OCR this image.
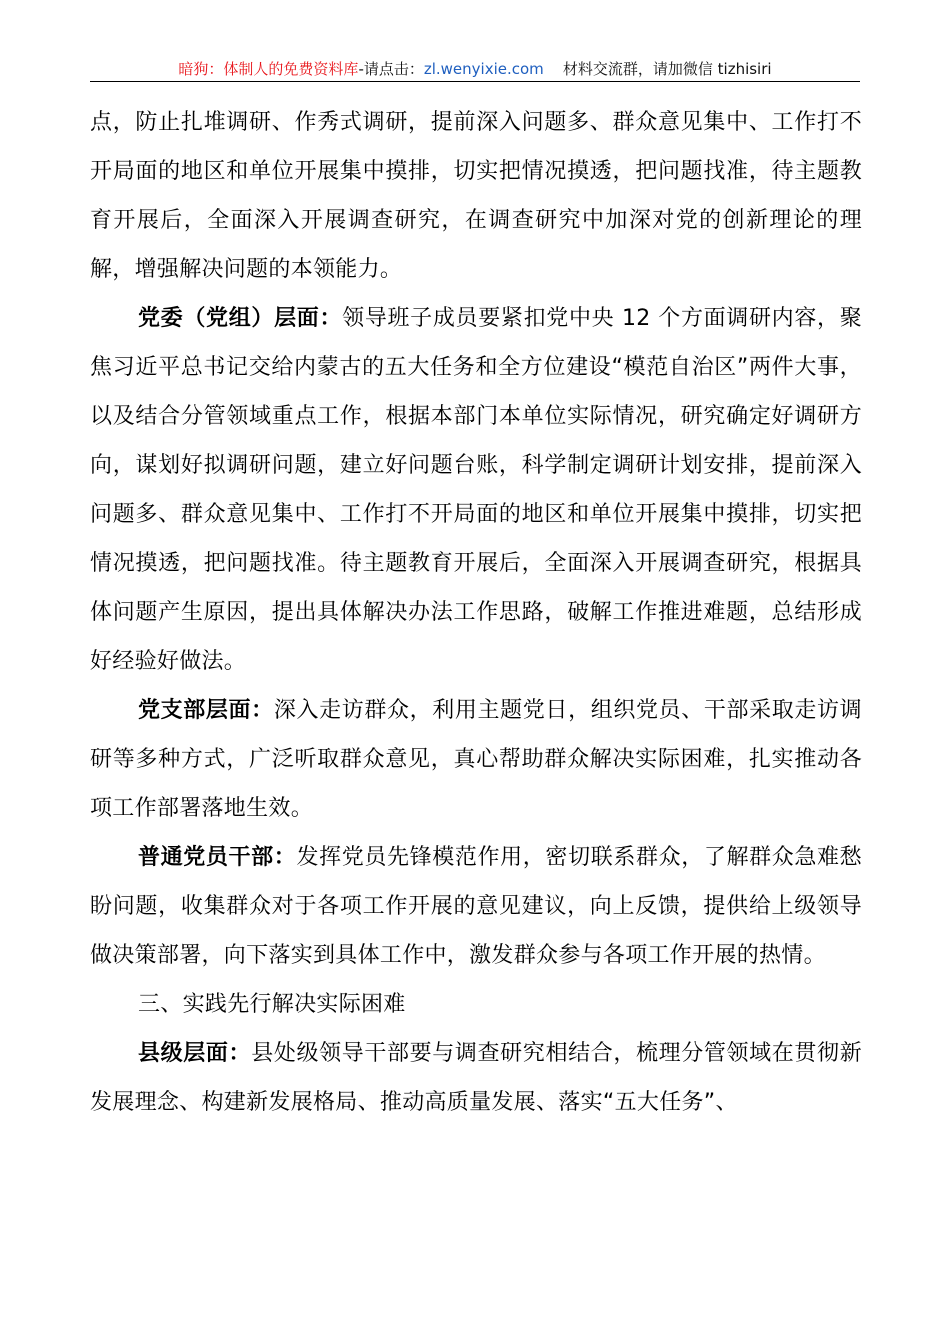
暗狗：体制人的免费资料库-请点击：zl.wenyixie.com 材料交流群，请加微信 tizhisiri

点，防止扎堆调研、作秀式调研，提前深入问题多、群众意见集中、工作打不开局面的地区和单位开展集中摸排，切实把情况摸透，把问题找准，待主题教育开展后，全面深入开展调查研究，在调查研究中加深对党的创新理论的理解，增强解决问题的本领能力。

党委（党组）层面：领导班子成员要紧扣党中央 12 个方面调研内容，聚焦习近平总书记交给内蒙古的五大任务和全方位建设“模范自治区”两件大事，以及结合分管领域重点工作，根据本部门本单位实际情况，研究确定好调研方向，谋划好拟调研问题，建立好问题台账，科学制定调研计划安排，提前深入问题多、群众意见集中、工作打不开局面的地区和单位开展集中摸排，切实把情况摸透，把问题找准。待主题教育开展后，全面深入开展调查研究，根据具体问题产生原因，提出具体解决办法工作思路，破解工作推进难题，总结形成好经验好做法。

党支部层面：深入走访群众，利用主题党日，组织党员、干部采取走访调研等多种方式，广泛听取群众意见，真心帮助群众解决实际困难，扎实推动各项工作部署落地生效。

普通党员干部：发挥党员先锋模范作用，密切联系群众，了解群众急难愁盼问题，收集群众对于各项工作开展的意见建议，向上反馈，提供给上级领导做决策部署，向下落实到具体工作中，激发群众参与各项工作开展的热情。

三、实践先行解决实际困难

县级层面：县处级领导干部要与调查研究相结合，梳理分管领域在贯彻新发展理念、构建新发展格局、推动高质量发展、落实“五大任务”、
